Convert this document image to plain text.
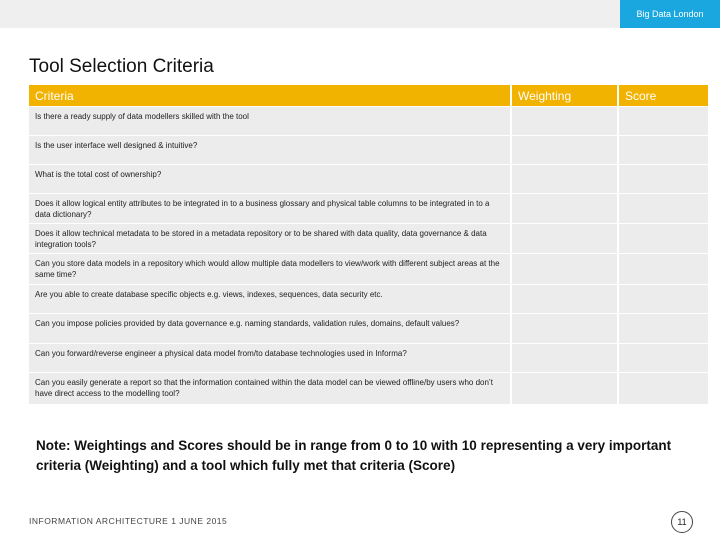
Big Data London
Tool Selection Criteria
Criteria	Weighting	Score
Is there a ready supply of data modellers skilled with the tool		
Is the user interface well designed & intuitive?		
What is the total cost of ownership?		
Does it allow logical entity attributes to be integrated in to a business glossary and physical table columns to be integrated in to a data dictionary?		
Does it allow technical metadata to be stored in a metadata repository or to be shared with data quality, data governance & data integration tools?		
Can you store data models in a repository which would allow multiple data modellers to view/work with different subject areas at the same time?		
Are you able to create database specific objects e.g. views, indexes, sequences, data security etc.		
Can you impose policies provided by data governance e.g. naming standards, validation rules, domains, default values?		
Can you forward/reverse engineer a physical data model from/to database technologies used in Informa?		
Can you easily generate a report so that the information contained within the data model can be viewed offline/by users who don’t have direct access to the modelling tool?		
Note: Weightings and Scores should be in range from 0 to 10 with 10 representing a very important criteria (Weighting) and a tool which fully met that criteria (Score)
INFORMATION ARCHITECTURE 1 JUNE 2015	11
